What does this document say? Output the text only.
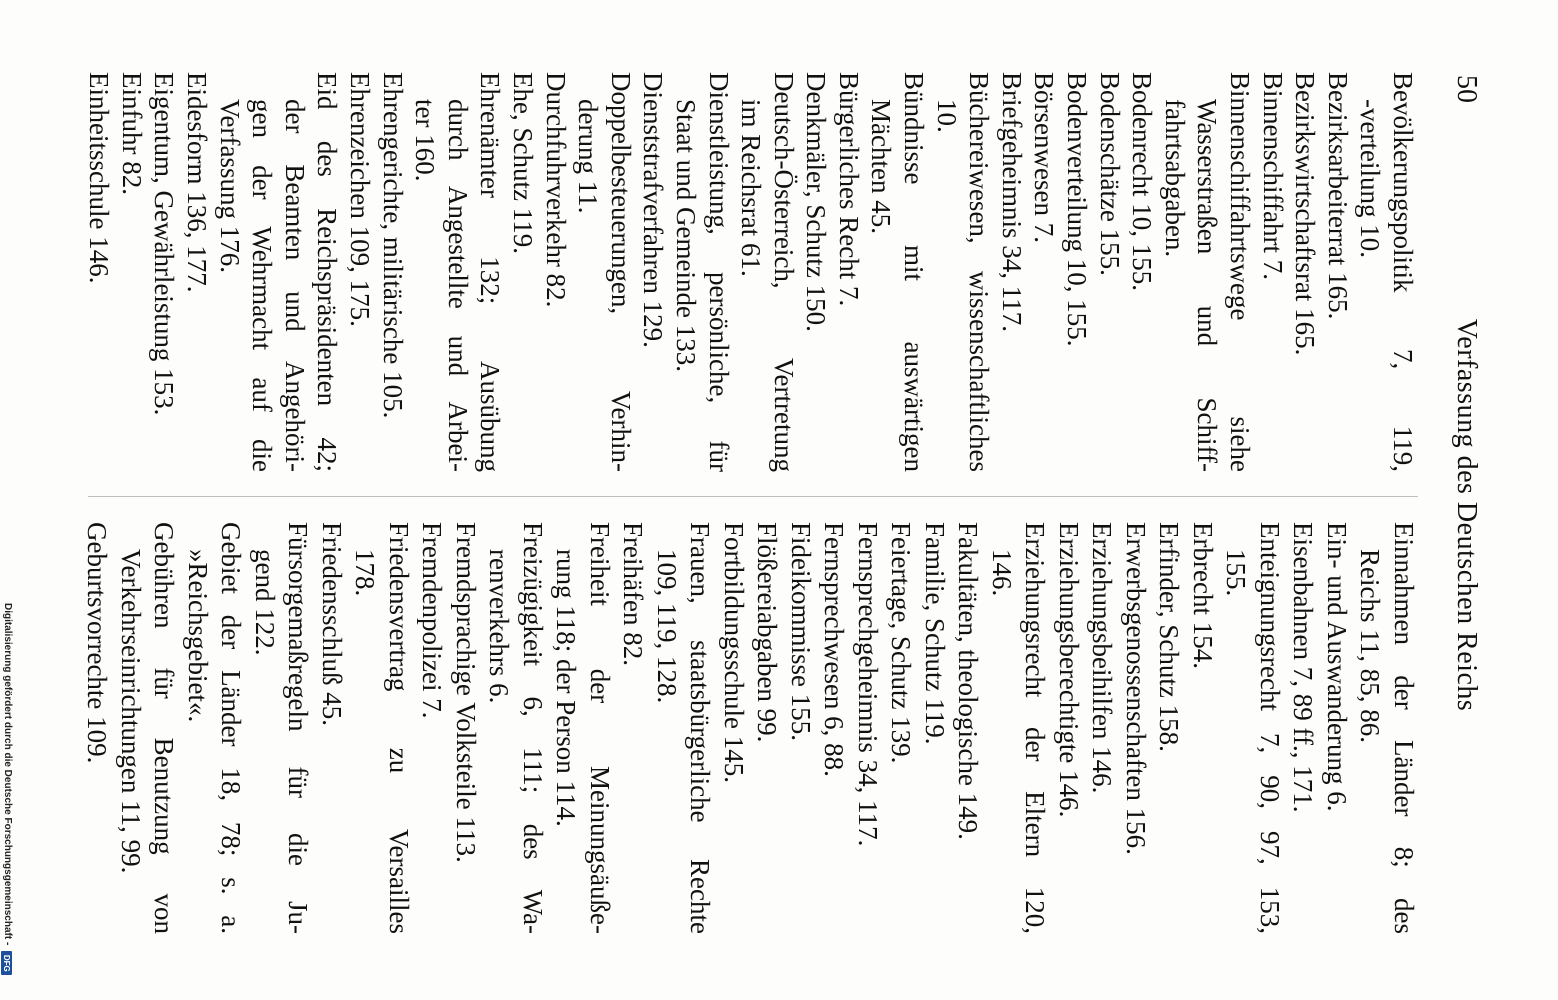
50
Verfassung des Deutschen Reichs
Bevölkerungspolitik 7, 119,
-verteilung 10.
Bezirksarbeiterrat 165.
Bezirkswirtschaftsrat 165.
Binnenschiffahrt 7.
Binnenschiffahrtswege siehe
Wasserstraßen und Schiff-
fahrtsabgaben.
Bodenrecht 10, 155.
Bodenschätze 155.
Bodenverteilung 10, 155.
Börsenwesen 7.
Briefgeheimnis 34, 117.
Büchereiwesen, wissenschaftliches
10.
Bündnisse mit auswärtigen
Mächten 45.
Bürgerliches Recht 7.
Denkmäler, Schutz 150.
Deutsch-Österreich, Vertretung
im Reichsrat 61.
Dienstleistung, persönliche, für
Staat und Gemeinde 133.
Dienststrafverfahren 129.
Doppelbesteuerungen, Verhin-
derung 11.
Durchfuhrverkehr 82.
Ehe, Schutz 119.
Ehrenämter 132; Ausübung
durch Angestellte und Arbei-
ter 160.
Ehrengerichte, militärische 105.
Ehrenzeichen 109, 175.
Eid des Reichspräsidenten 42;
der Beamten und Angehöri-
gen der Wehrmacht auf die
Verfassung 176.
Eidesform 136, 177.
Eigentum, Gewährleistung 153.
Einfuhr 82.
Einheitsschule 146.
Einnahmen der Länder 8; des
Reichs 11, 85, 86.
Ein- und Auswanderung 6.
Eisenbahnen 7, 89 ff., 171.
Enteignungsrecht 7, 90, 97, 153,
155.
Erbrecht 154.
Erfinder, Schutz 158.
Erwerbsgenossenschaften 156.
Erziehungsbeihilfen 146.
Erziehungsberechtigte 146.
Erziehungsrecht der Eltern 120,
146.
Fakultäten, theologische 149.
Familie, Schutz 119.
Feiertage, Schutz 139.
Fernsprechgeheimnis 34, 117.
Fernsprechwesen 6, 88.
Fideikommisse 155.
Flößereiabgaben 99.
Fortbildungsschule 145.
Frauen, staatsbürgerliche Rechte
109, 119, 128.
Freihäfen 82.
Freiheit der Meinungsäuße-
rung 118; der Person 114.
Freizügigkeit 6, 111; des Wa-
renverkehrs 6.
Fremdsprachige Volksteile 113.
Fremdenpolizei 7.
Friedensvertrag zu Versailles
178.
Friedensschluß 45.
Fürsorgemaßregeln für die Ju-
gend 122.
Gebiet der Länder 18, 78; s. a.
»Reichsgebiet«.
Gebühren für Benutzung von
Verkehrseinrichtungen 11, 99.
Geburtsvorrechte 109.
Digitalisierung gefördert durch die Deutsche Forschungsgemeinschaft -
DFG
